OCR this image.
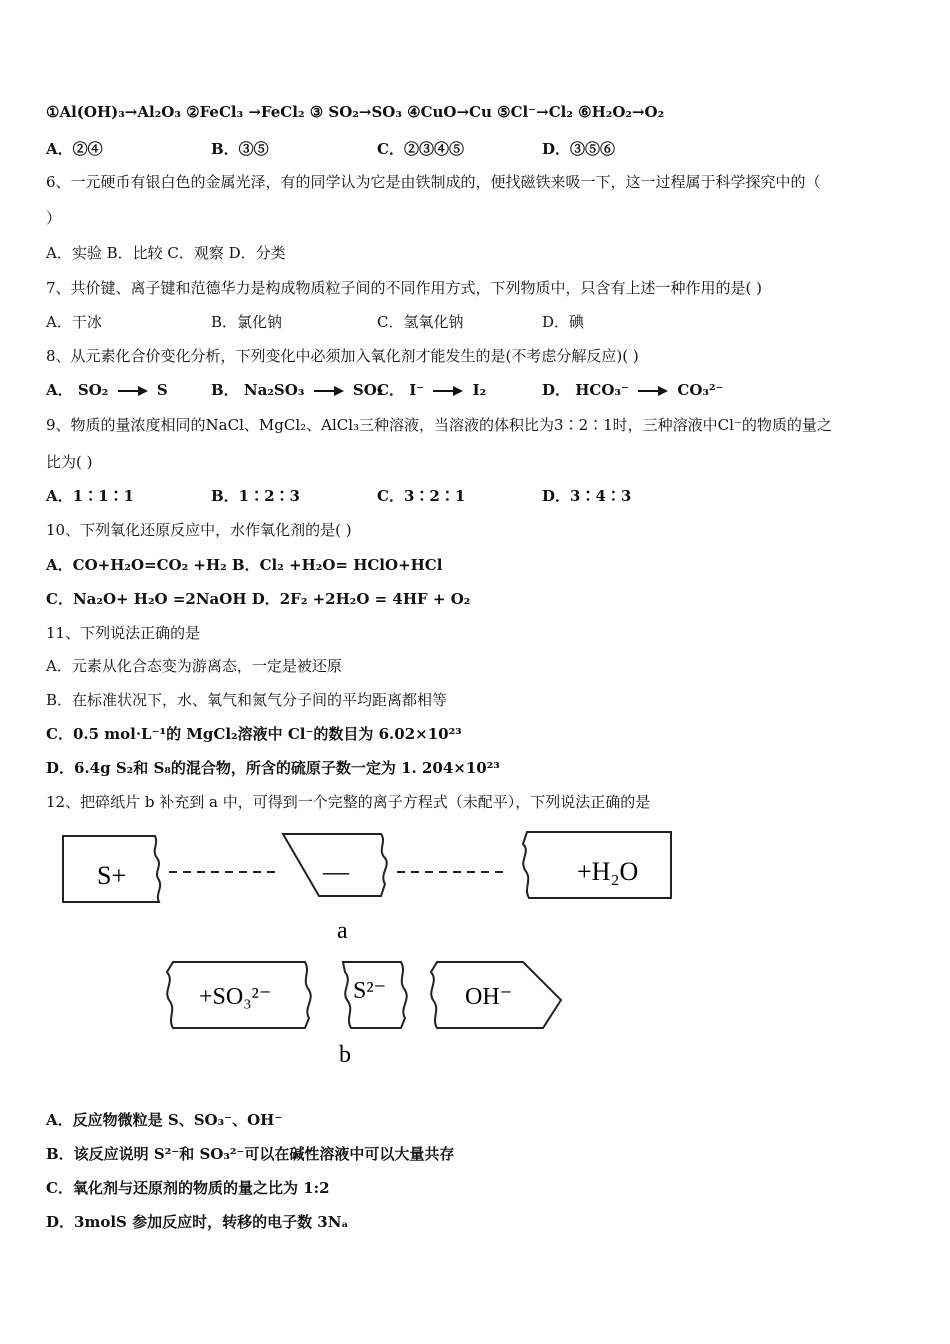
①Al(OH)₃→Al₂O₃ ②FeCl₃ →FeCl₂ ③ SO₂→SO₃ ④CuO→Cu ⑤Cl⁻→Cl₂ ⑥H₂O₂→O₂
A．②④	B．③⑤	C．②③④⑤	D．③⑤⑥
6、一元硬币有银白色的金属光泽，有的同学认为它是由铁制成的，便找磁铁来吸一下，这一过程属于科学探究中的（
）
A．实验 B．比较 C．观察 D．分类
7、共价键、离子键和范德华力是构成物质粒子间的不同作用方式，下列物质中，只含有上述一种作用的是( )
A．干冰	B．氯化钠	C．氢氧化钠	D．碘
8、从元素化合价变化分析，下列变化中必须加入氧化剂才能发生的是(不考虑分解反应)( )
A． SO₂	S	B． Na₂SO₃	SO₂
C． I⁻	I₂	D． HCO₃⁻	CO₃²⁻
9、物质的量浓度相同的NaCl、MgCl₂、AlCl₃三种溶液，当溶液的体积比为3∶2∶1时，三种溶液中Cl⁻的物质的量之
比为( )
A．1∶1∶1	B．1∶2∶3	C．3∶2∶1	D．3∶4∶3
10、下列氧化还原反应中，水作氧化剂的是( )
A．CO+H₂O=CO₂ +H₂ B．Cl₂ +H₂O= HClO+HCl
C．Na₂O+ H₂O =2NaOH D．2F₂ +2H₂O = 4HF + O₂
11、下列说法正确的是
A．元素从化合态变为游离态，一定是被还原
B．在标准状况下，水、氧气和氮气分子间的平均距离都相等
C．0.5 mol·L⁻¹的 MgCl₂溶液中 Cl⁻的数目为 6.02×10²³
D．6.4g S₂和 S₈的混合物，所含的硫原子数一定为 1. 204×10²³
12、把碎纸片 b 补充到 a 中，可得到一个完整的离子方程式（未配平），下列说法正确的是
S+	—	+H₂O
a
+SO₃²⁻	S²⁻	OH⁻
b
A．反应物微粒是 S、SO₃⁻、OH⁻
B．该反应说明 S²⁻和 SO₃²⁻可以在碱性溶液中可以大量共存
C．氧化剂与还原剂的物质的量之比为 1:2
D．3molS 参加反应时，转移的电子数 3Nₐ
